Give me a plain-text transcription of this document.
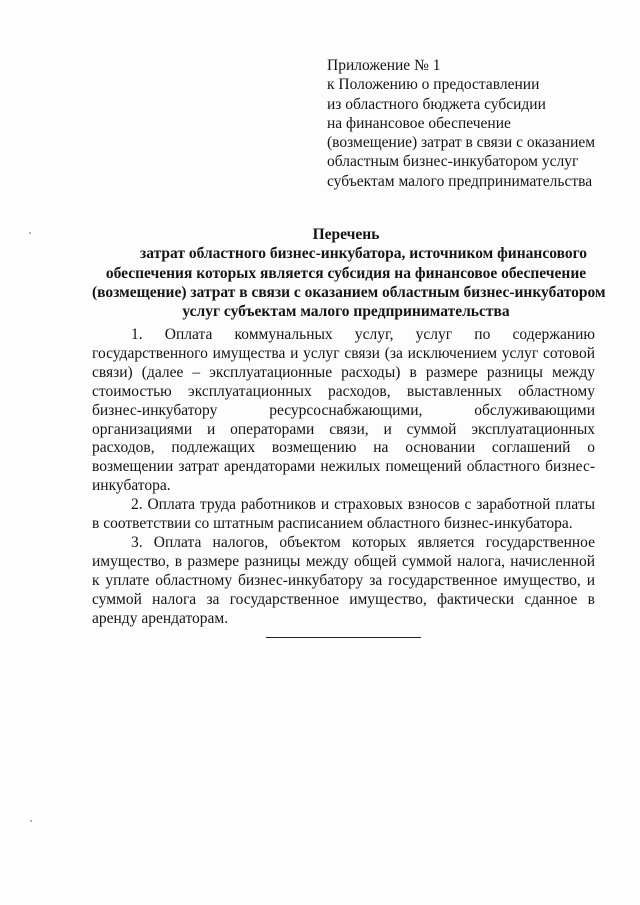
Приложение № 1
к Положению о предоставлении
из областного бюджета субсидии
на финансовое обеспечение
(возмещение) затрат в связи с оказанием
областным бизнес-инкубатором услуг
субъектам малого предпринимательства
Перечень
затрат областного бизнес-инкубатора, источником финансового
обеспечения которых является субсидия на финансовое обеспечение
(возмещение) затрат в связи с оказанием областным бизнес-инкубатором
услуг субъектам малого предпринимательства

1. Оплата коммунальных услуг, услуг по содержанию государственного имущества и услуг связи (за исключением услуг сотовой связи) (далее – эксплуатационные расходы) в размере разницы между стоимостью эксплуатационных расходов, выставленных областному бизнес-инкубатору ресурсоснабжающими, обслуживающими организациями и операторами связи, и суммой эксплуатационных расходов, подлежащих возмещению на основании соглашений о возмещении затрат арендаторами нежилых помещений областного бизнес-инкубатора.

2. Оплата труда работников и страховых взносов с заработной платы в соответствии со штатным расписанием областного бизнес-инкубатора.

3. Оплата налогов, объектом которых является государственное имущество, в размере разницы между общей суммой налога, начисленной к уплате областному бизнес-инкубатору за государственное имущество, и суммой налога за государственное имущество, фактически сданное в аренду арендаторам.
